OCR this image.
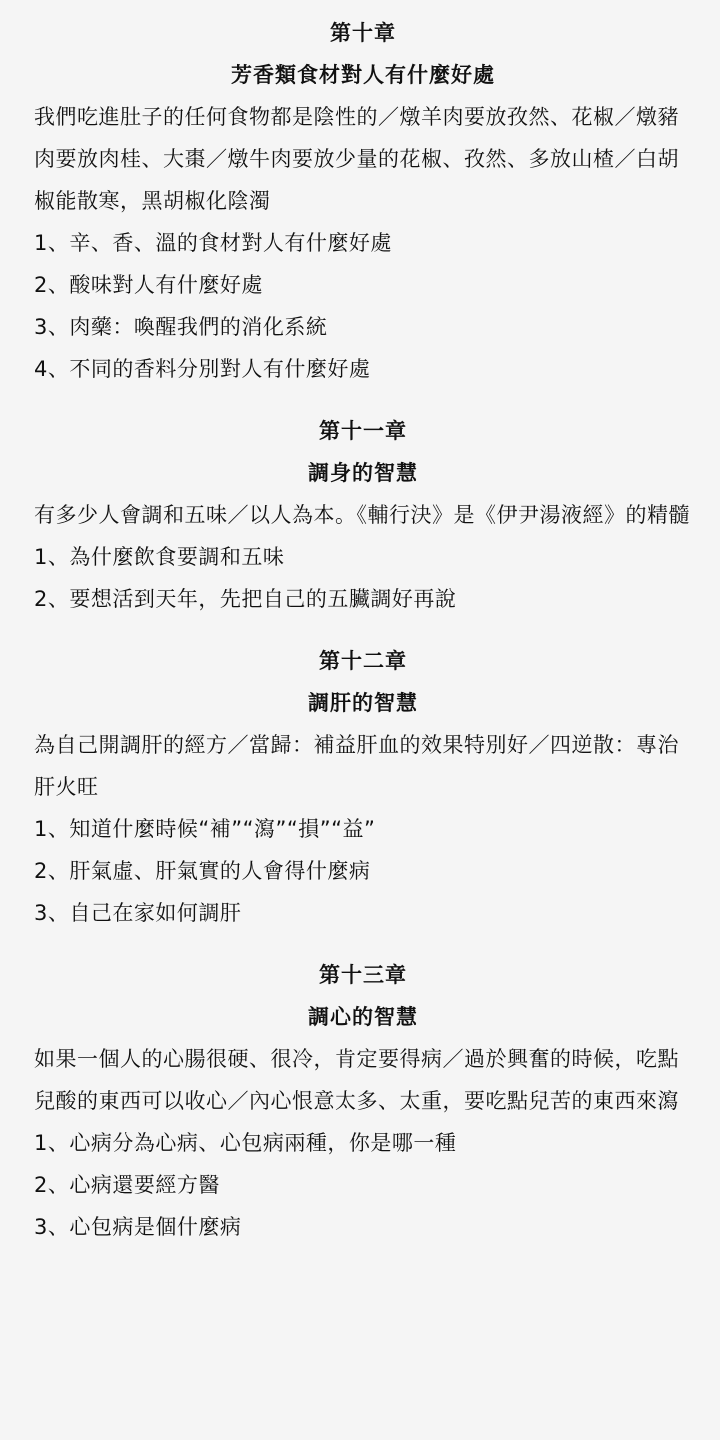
第十章
芳香類食材對人有什麼好處

我們吃進肚子的任何食物都是陰性的／燉羊肉要放孜然、花椒／燉豬肉要放肉桂、大棗／燉牛肉要放少量的花椒、孜然、多放山楂／白胡椒能散寒，黑胡椒化陰濁

1、辛、香、溫的食材對人有什麼好處
2、酸味對人有什麼好處
3、肉藥：喚醒我們的消化系統
4、不同的香料分別對人有什麼好處
第十一章
調身的智慧

有多少人會調和五味／以人為本。《輔行決》是《伊尹湯液經》的精髓

1、為什麼飲食要調和五味
2、要想活到天年，先把自己的五臟調好再說
第十二章
調肝的智慧

為自己開調肝的經方／當歸：補益肝血的效果特別好／四逆散：專治肝火旺

1、知道什麼時候“補”“瀉”“損”“益”
2、肝氣虛、肝氣實的人會得什麼病
3、自己在家如何調肝
第十三章
調心的智慧

如果一個人的心腸很硬、很冷，肯定要得病／過於興奮的時候，吃點兒酸的東西可以收心／內心恨意太多、太重，要吃點兒苦的東西來瀉

1、心病分為心病、心包病兩種，你是哪一種
2、心病還要經方醫
3、心包病是個什麼病
